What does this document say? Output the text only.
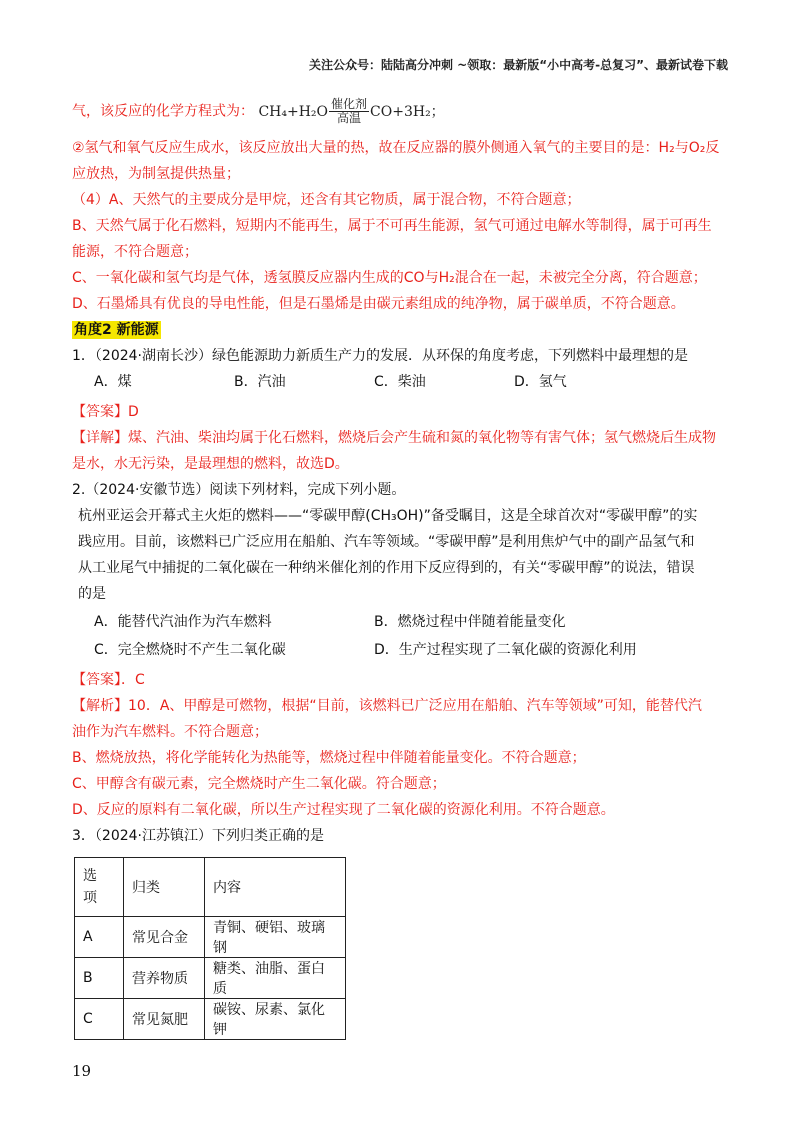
关注公众号：陆陆高分冲刺 ~领取：最新版“小中高考-总复习”、最新试卷下载

气，该反应的化学方程式为： $CH_4+H_2O \frac{\text{催化剂}}{\text{高温}} CO+3H_2$；

②氢气和氧气反应生成水，该反应放出大量的热，故在反应器的膜外侧通入氧气的主要目的是：H₂与O₂反

应放热，为制氢提供热量；

（4）A、天然气的主要成分是甲烷，还含有其它物质，属于混合物，不符合题意；

B、天然气属于化石燃料，短期内不能再生，属于不可再生能源，氢气可通过电解水等制得，属于可再生

能源，不符合题意；

C、一氧化碳和氢气均是气体，透氢膜反应器内生成的CO与H₂混合在一起，未被完全分离，符合题意；

D、石墨烯具有优良的导电性能，但是石墨烯是由碳元素组成的纯净物，属于碳单质，不符合题意。

角度2 新能源

1．（2024·湖南长沙）绿色能源助力新质生产力的发展．从环保的角度考虑，下列燃料中最理想的是

A．煤	B．汽油	C．柴油	D．氢气

【答案】D

【详解】煤、汽油、柴油均属于化石燃料，燃烧后会产生硫和氮的氧化物等有害气体；氢气燃烧后生成物

是水，水无污染，是最理想的燃料，故选D。

2.（2024·安徽节选）阅读下列材料，完成下列小题。

杭州亚运会开幕式主火炬的燃料——“零碳甲醇(CH₃OH)”备受瞩目，这是全球首次对“零碳甲醇”的实

践应用。目前，该燃料已广泛应用在船舶、汽车等领域。“零碳甲醇”是利用焦炉气中的副产品氢气和

从工业尾气中捕捉的二氧化碳在一种纳米催化剂的作用下反应得到的，有关“零碳甲醇”的说法，错误

的是

A．能替代汽油作为汽车燃料	B．燃烧过程中伴随着能量变化
C．完全燃烧时不产生二氧化碳	D．生产过程实现了二氧化碳的资源化利用

【答案】．C

【解析】10．A、甲醇是可燃物，根据“目前，该燃料已广泛应用在船舶、汽车等领域”可知，能替代汽

油作为汽车燃料。不符合题意；

B、燃烧放热，将化学能转化为热能等，燃烧过程中伴随着能量变化。不符合题意；

C、甲醇含有碳元素，完全燃烧时产生二氧化碳。符合题意；

D、反应的原料有二氧化碳，所以生产过程实现了二氧化碳的资源化利用。不符合题意。

3．（2024·江苏镇江）下列归类正确的是

选
项	归类	内容
A	常见合金	青铜、硬铝、玻璃钢
B	营养物质	糖类、油脂、蛋白质
C	常见氮肥	碳铵、尿素、氯化钾
19
